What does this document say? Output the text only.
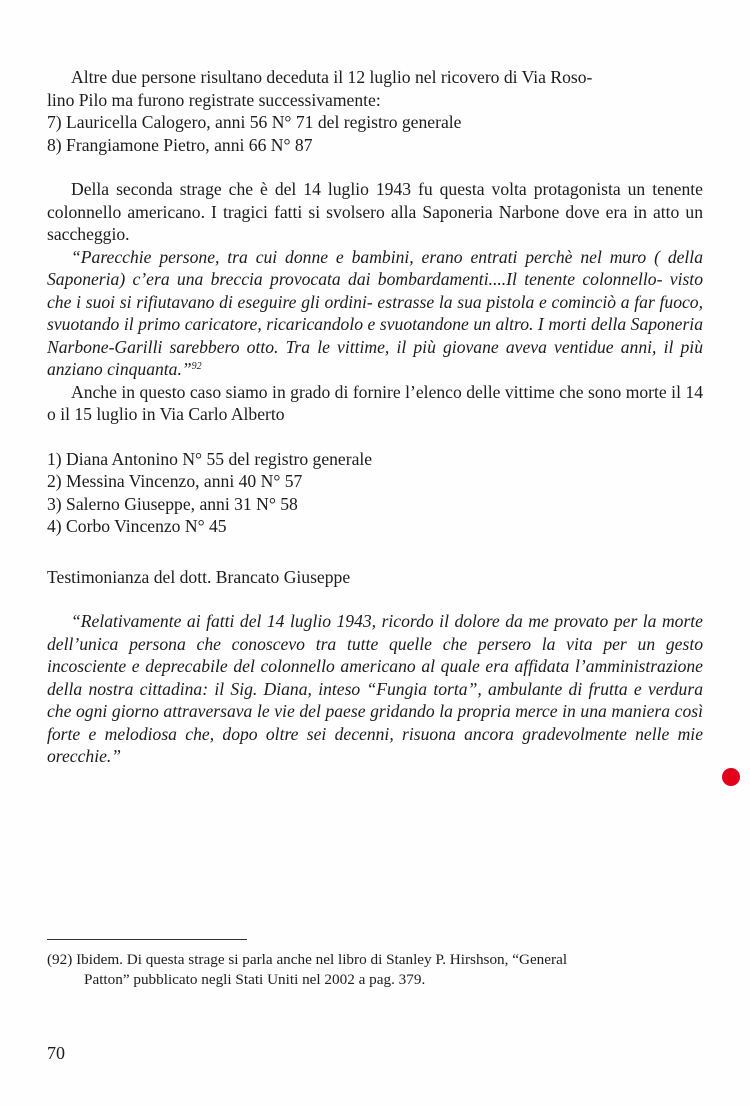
Altre due persone risultano deceduta il 12 luglio nel ricovero di Via Roso-

lino Pilo ma furono registrate successivamente:

7) Lauricella Calogero, anni 56 N° 71 del registro generale

8) Frangiamone Pietro, anni 66 N° 87

Della seconda strage che è del 14 luglio 1943 fu questa volta protagonista un tenente colonnello americano. I tragici fatti si svolsero alla Saponeria Narbone dove era in atto un saccheggio.

“Parecchie persone, tra cui donne e bambini, erano entrati perchè nel muro ( della Saponeria) c’era una breccia provocata dai bombardamenti....Il tenente colonnello- visto che i suoi si rifiutavano di eseguire gli ordini- estrasse la sua pistola e cominciò a far fuoco, svuotando il primo caricatore, ricaricandolo e svuotandone un altro. I morti della Saponeria Narbone-Garilli sarebbero otto. Tra le vittime, il più giovane aveva ventidue anni, il più anziano cinquanta.”$^{92}$

Anche in questo caso siamo in grado di fornire l’elenco delle vittime che sono morte il 14 o il 15 luglio in Via Carlo Alberto

1) Diana Antonino N° 55 del registro generale

2) Messina Vincenzo, anni 40 N° 57

3) Salerno Giuseppe, anni 31 N° 58

4) Corbo Vincenzo N° 45

Testimonianza del dott. Brancato Giuseppe

“Relativamente ai fatti del 14 luglio 1943, ricordo il dolore da me provato per la morte dell’unica persona che conoscevo tra tutte quelle che persero la vita per un gesto incosciente e deprecabile del colonnello americano al quale era affidata l’amministrazione della nostra cittadina: il Sig. Diana, inteso “Fungia torta”, ambulante di frutta e verdura che ogni giorno attraversava le vie del paese gridando la propria merce in una maniera così forte e melodiosa che, dopo oltre sei decenni, risuona ancora gradevolmente nelle mie orecchie.”

(92) Ibidem. Di questa strage si parla anche nel libro di Stanley P. Hirshson, “General
Patton” pubblicato negli Stati Uniti nel 2002 a pag. 379.
70
